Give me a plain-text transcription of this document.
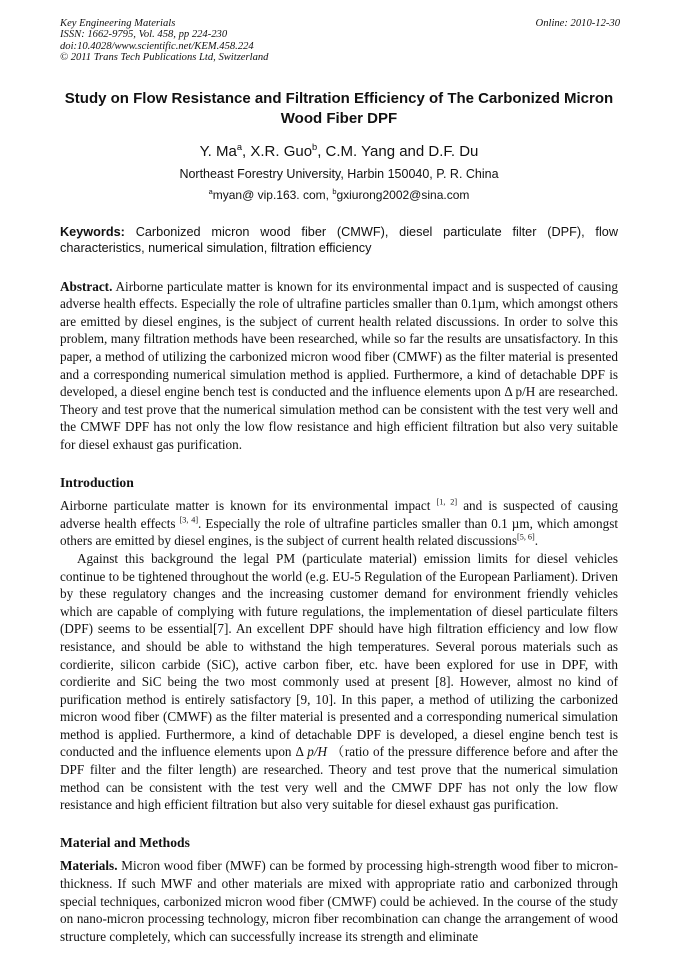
Key Engineering Materials
ISSN: 1662-9795, Vol. 458, pp 224-230
doi:10.4028/www.scientific.net/KEM.458.224
© 2011 Trans Tech Publications Ltd, Switzerland
Online: 2010-12-30
Study on Flow Resistance and Filtration Efficiency of The Carbonized Micron Wood Fiber DPF
Y. Ma$^a$, X.R. Guo$^b$, C.M. Yang and D.F. Du
Northeast Forestry University, Harbin 150040, P. R. China
$^a$myan@ vip.163. com, $^b$gxiurong2002@sina.com

Keywords: Carbonized micron wood fiber (CMWF), diesel particulate filter (DPF), flow characteristics, numerical simulation, filtration efficiency

Abstract. Airborne particulate matter is known for its environmental impact and is suspected of causing adverse health effects. Especially the role of ultrafine particles smaller than 0.1µm, which amongst others are emitted by diesel engines, is the subject of current health related discussions. In order to solve this problem, many filtration methods have been researched, while so far the results are unsatisfactory. In this paper, a method of utilizing the carbonized micron wood fiber (CMWF) as the filter material is presented and a corresponding numerical simulation method is applied. Furthermore, a kind of detachable DPF is developed, a diesel engine bench test is conducted and the influence elements upon Δ p/H are researched. Theory and test prove that the numerical simulation method can be consistent with the test very well and the CMWF DPF has not only the low flow resistance and high efficient filtration but also very suitable for diesel exhaust gas purification.

Introduction

Airborne particulate matter is known for its environmental impact [1, 2] and is suspected of causing adverse health effects [3, 4]. Especially the role of ultrafine particles smaller than 0.1 µm, which amongst others are emitted by diesel engines, is the subject of current health related discussions[5, 6].

Against this background the legal PM (particulate material) emission limits for diesel vehicles continue to be tightened throughout the world (e.g. EU-5 Regulation of the European Parliament). Driven by these regulatory changes and the increasing customer demand for environment friendly vehicles which are capable of complying with future regulations, the implementation of diesel particulate filters (DPF) seems to be essential[7]. An excellent DPF should have high filtration efficiency and low flow resistance, and should be able to withstand the high temperatures. Several porous materials such as cordierite, silicon carbide (SiC), active carbon fiber, etc. have been explored for use in DPF, with cordierite and SiC being the two most commonly used at present [8]. However, almost no kind of purification method is entirely satisfactory [9, 10]. In this paper, a method of utilizing the carbonized micron wood fiber (CMWF) as the filter material is presented and a corresponding numerical simulation method is applied. Furthermore, a kind of detachable DPF is developed, a diesel engine bench test is conducted and the influence elements upon Δ p/H （ratio of the pressure difference before and after the DPF filter and the filter length) are researched. Theory and test prove that the numerical simulation method can be consistent with the test very well and the CMWF DPF has not only the low flow resistance and high efficient filtration but also very suitable for diesel exhaust gas purification.

Material and Methods

Materials. Micron wood fiber (MWF) can be formed by processing high-strength wood fiber to micron-thickness. If such MWF and other materials are mixed with appropriate ratio and carbonized through special techniques, carbonized micron wood fiber (CMWF) could be achieved. In the course of the study on nano-micron processing technology, micron fiber recombination can change the arrangement of wood structure completely, which can successfully increase its strength and eliminate
